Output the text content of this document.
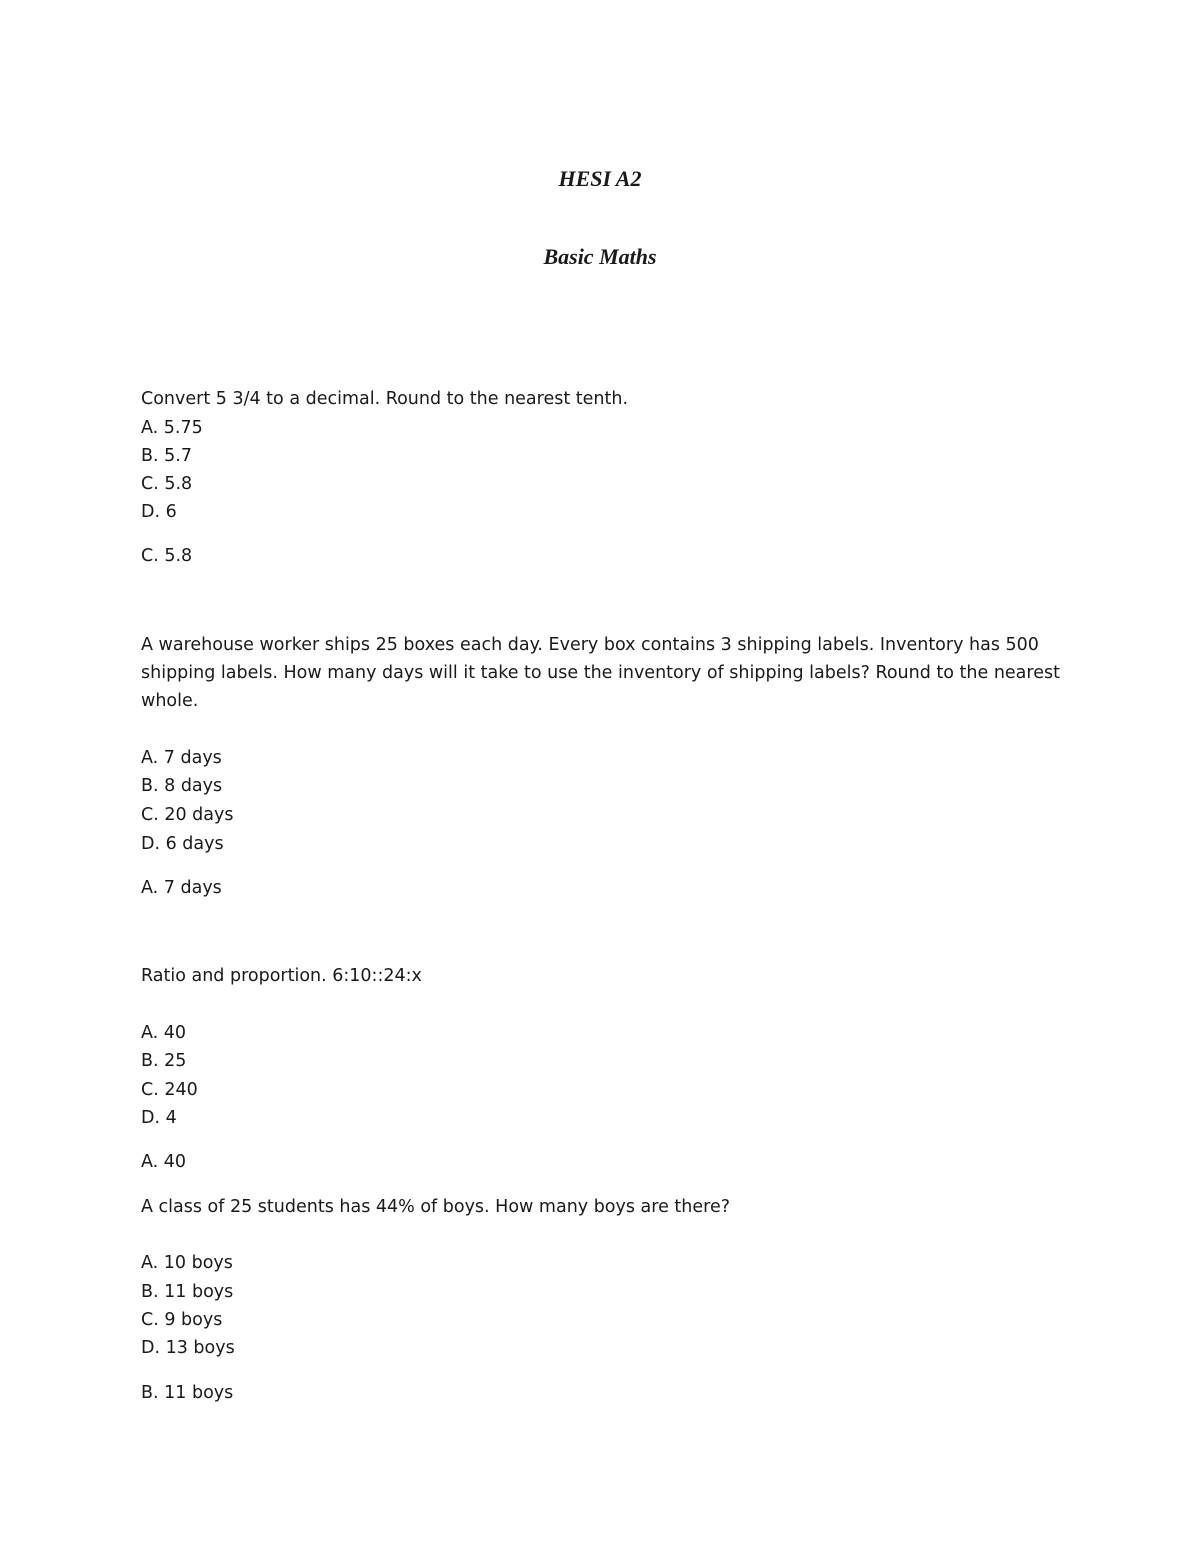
HESI A2
Basic Maths

Convert 5 3/4 to a decimal. Round to the nearest tenth.

A. 5.75

B. 5.7

C. 5.8

D. 6

C. 5.8

A warehouse worker ships 25 boxes each day. Every box contains 3 shipping labels. Inventory has 500 shipping labels. How many days will it take to use the inventory of shipping labels? Round to the nearest whole.

A. 7 days

B. 8 days

C. 20 days

D. 6 days

A. 7 days

Ratio and proportion. 6:10::24:x

A. 40

B. 25

C. 240

D. 4

A. 40

A class of 25 students has 44% of boys. How many boys are there?

A. 10 boys

B. 11 boys

C. 9 boys

D. 13 boys

B. 11 boys
